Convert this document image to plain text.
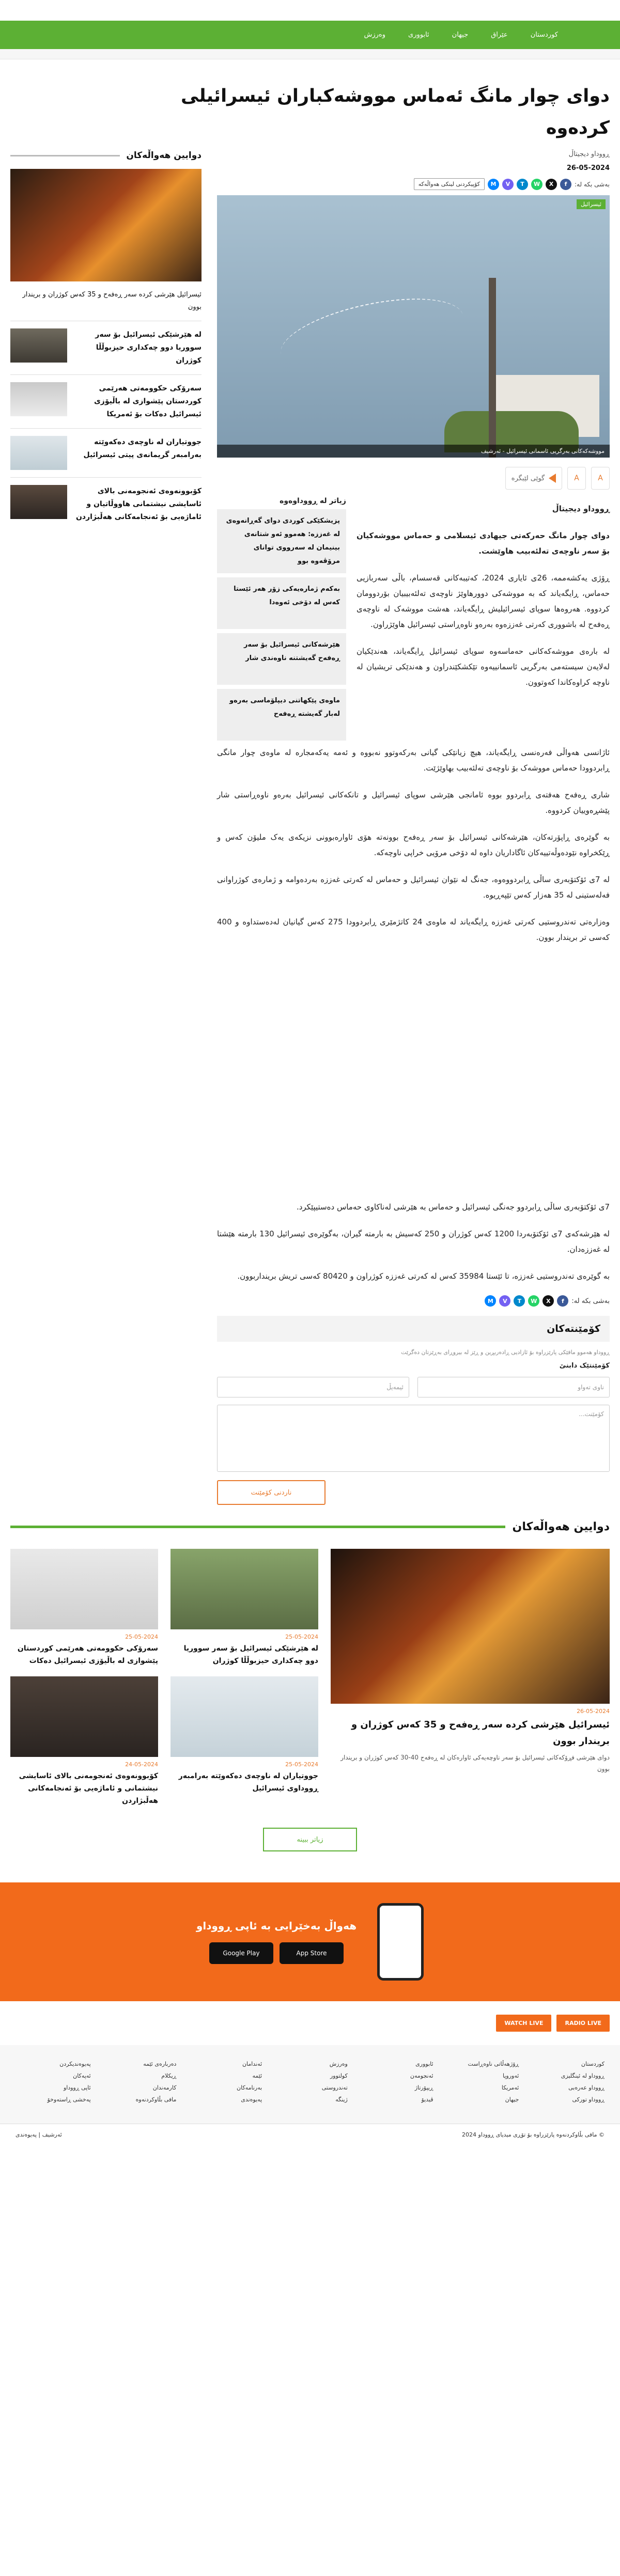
کوردستان
عێراق
جیهان
ئابووری
وەرزش
دوای چوار مانگ ئەماس مووشەکباران ئیسرائیلی کردەوە
ڕووداو دیجیتاڵ
26-05-2024
بەشی بکە لە:
f
X
W
T
V
M
کۆپیکردنی لینکی هەواڵەکە
ئیسرائیل
مووشەکەکانی بەرگریی ئاسمانی ئیسرائیل - ئەرشیف
A
A
گوێی لێبگرە

ڕووداو دیجیتاڵ

دوای چوار مانگ حەرکەتی جیهادی ئیسلامی و حەماس مووشەکیان بۆ سەر ناوچەی تەلئەبیب هاوێشت.

ڕۆژی یەکشەممە، 26ی ئایاری 2024، کەتیبەکانی قەسسام، باڵی سەربازیی حەماس، ڕایگەیاند کە بە مووشەکی دوورهاوێژ ناوچەی تەلئەبیبیان بۆردوومان کردووە. هەروەها سوپای ئیسرائیلیش ڕایگەیاند، هەشت مووشەک لە ناوچەی ڕەفەح لە باشووری کەرتی غەززەوە بەرەو ناوەڕاستی ئیسرائیل هاوێژراون.

لە بارەی مووشەکەکانی حەماسەوە سوپای ئیسرائیل ڕایگەیاند، هەندێکیان لەلایەن سیستەمی بەرگریی ئاسمانییەوە تێکشکێندراون و هەندێکی تریشیان لە ناوچە کراوەکاندا کەوتوون.

زیاتر لە ڕووداوەوە
پزیشکێکی کوردی دوای گەڕانەوەی لە غەززە: هەموو ئەو شتانەی بینیمان لە سەرووی توانای مرۆڤەوە بوو
بەکەم ژمارەیەکی زۆر هەر ئێستا کەس لە دۆخی ئەوەدا
هێرشەکانی ئیسرائیل بۆ سەر ڕەفەح گەیشتنە ناوەندی شار
ماوەی پێکهاتنی دیپلۆماسی بەرەو لەبار گەیشتە ڕەفەح

ئاژانسی هەواڵی فەرەنسی ڕایگەیاند، هیچ زیانێکی گیانی بەرکەوتوو نەبووە و ئەمە یەکەمجارە لە ماوەی چوار مانگی ڕابردوودا حەماس مووشەک بۆ ناوچەی تەلئەبیب بهاوێژێت.

شاری ڕەفەح هەفتەی ڕابردوو بووە ئامانجی هێرشی سوپای ئیسرائیل و تانکەکانی ئیسرائیل بەرەو ناوەڕاستی شار پێشڕەوییان کردووە.

بە گوێرەی ڕاپۆرتەکان، هێرشەکانی ئیسرائیل بۆ سەر ڕەفەح بوونەتە هۆی ئاوارەبوونی نزیکەی یەک ملیۆن کەس و ڕێکخراوە نێودەوڵەتییەکان ئاگاداریان داوە لە دۆخی مرۆیی خراپی ناوچەکە.

لە 7ی ئۆکتۆبەری ساڵی ڕابردووەوە، جەنگ لە نێوان ئیسرائیل و حەماس لە کەرتی غەززە بەردەوامە و ژمارەی کوژراوانی فەلەستینی لە 35 هەزار کەس تێپەڕیوە.

وەزارەتی تەندروستیی کەرتی غەززە ڕایگەیاند لە ماوەی 24 کاتژمێری ڕابردوودا 275 کەس گیانیان لەدەستداوە و 400 کەسی تر بریندار بوون.

7ی ئۆکتۆبەری ساڵی ڕابردوو جەنگی ئیسرائیل و حەماس بە هێرشی لەناکاوی حەماس دەستیپێکرد.

لە هێرشەکەی 7ی ئۆکتۆبەردا 1200 کەس کوژران و 250 کەسیش بە بارمتە گیران، بەگوێرەی ئیسرائیل 130 بارمتە هێشتا لە غەززەدان.

بە گوێرەی تەندروستیی غەززە، تا ئێستا 35984 کەس لە کەرتی غەززە کوژراون و 80420 کەسی تریش برینداربوون.

بەشی بکە لە:
f
X
W
T
V
M
کۆمێنتەکان
ڕووداو هەموو مافێکی پارێزراوە بۆ ئازادیی ڕادەربڕین و ڕێز لە بیروڕای بەڕێزتان دەگرێت
کۆمێنتێک دابنێ
ناوی تەواو
ئیمەیڵ
کۆمێنت...
ناردنی کۆمێنت
دوایین هەواڵەکان
ئیسرائیل هێرشی کردە سەر ڕەفەح و 35 کەس کوژران و بریندار بوون
لە هێرشێکی ئیسرائیل بۆ سەر سووریا دوو چەکداری حیزبوڵڵا کوژران
سەرۆکی حکوومەتی هەرێمی کوردستان پێشوازی لە باڵیۆزی ئیسرائیل دەکات بۆ ئەمریکا
جووتیاران لە ناوچەی دەکەوێتە بەرامبەر گریمانەی پیتی ئیسرائیل
کۆبوونەوەی ئەنجومەنی بالای ئاسایشی نیشتمانی هاووڵاتیان و ئاماژەیی بۆ ئەنجامەکانی هەڵبژاردن
دوایین هەواڵەکان
26-05-2024
ئیسرائیل هێرشی کردە سەر ڕەفەح و 35 کەس کوژران و بریندار بوون
دوای هێرشی فڕۆکەکانی ئیسرائیل بۆ سەر ناوچەیەکی ئاوارەکان لە ڕەفەح 40-30 کەس کوژران و بریندار بوون
25-05-2024
لە هێرشێکی ئیسرائیل بۆ سەر سووریا دوو چەکداری حیزبوڵڵا کوژران
25-05-2024
سەرۆکی حکوومەتی هەرێمی کوردستان پێشوازی لە باڵیۆزی ئیسرائیل دەکات
25-05-2024
جووتیاران لە ناوچەی دەکەوێتە بەرامبەر ڕووداوی ئیسرائیل
24-05-2024
کۆبوونەوەی ئەنجومەنی بالای ئاسایشی نیشتمانی و ئاماژەیی بۆ ئەنجامەکانی هەڵبژاردن
زیاتر ببینە
هەواڵ بەخێرایی بە ئاپی ڕووداو
App Store
Google Play
RADIO LIVE
WATCH LIVE
کوردستان
ڕووداو لە ئینگلیزی
ڕووداو عەرەبی
ڕووداو تورکی
ڕۆژهەڵاتی ناوەڕاست
ئەوروپا
ئەمریکا
جیهان
ئابووری
ئەنجومەن
ڕیپۆرتاژ
ڤیدیۆ
وەرزش
کولتوور
تەندروستی
ژینگە
ئەندامان
ئێمە
بەرنامەکان
پەیوەندی
دەربارەی ئێمە
ڕیکلام
کارمەندان
مافی بڵاوکردنەوە
پەیوەندیکردن
ئەپەکان
ئاپی ڕووداو
پەخشی ڕاستەوخۆ
© مافی بڵاوکردنەوە پارێزراوە بۆ تۆڕی میدیای ڕووداو 2024
ئەرشیف | پەیوەندی
